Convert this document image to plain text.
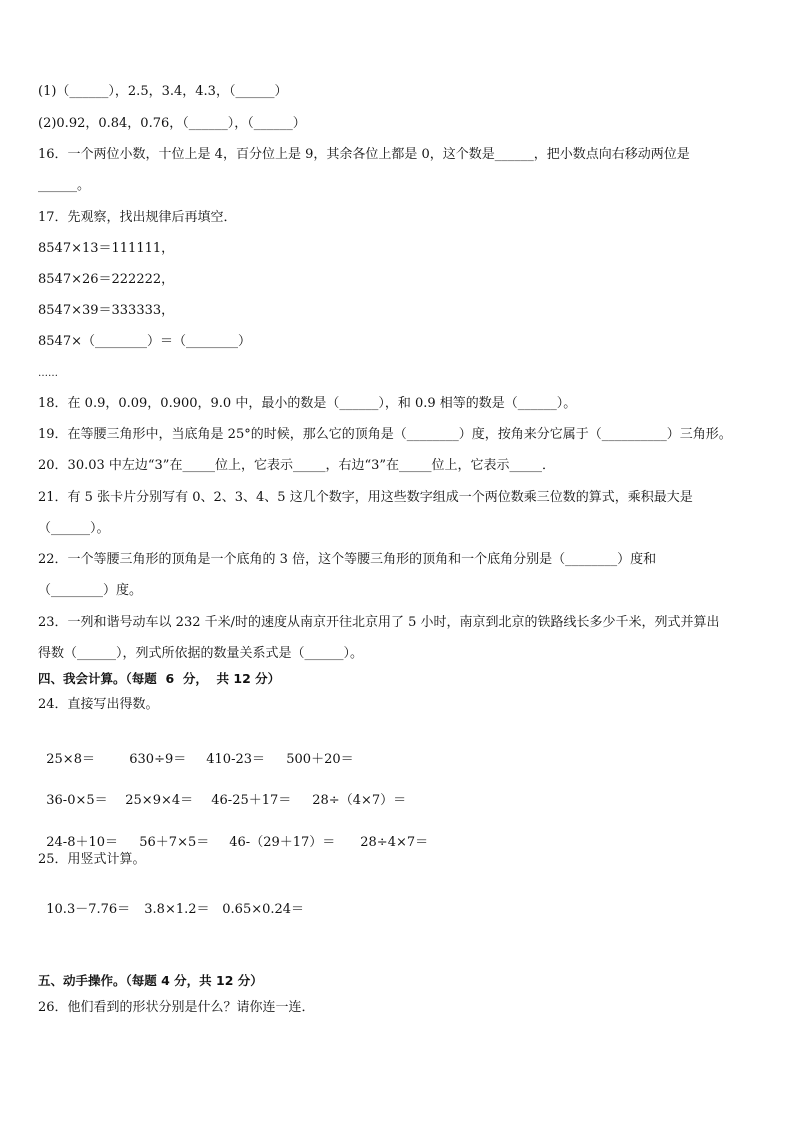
(1)（______），2.5，3.4，4.3，（______）
(2)0.92，0.84，0.76，（______），（______）
16．一个两位小数，十位上是 4，百分位上是 9，其余各位上都是 0，这个数是______，把小数点向右移动两位是
______。
17．先观察，找出规律后再填空．
8547×13＝111111，
8547×26＝222222，
8547×39＝333333，
8547×（________）＝（________）
……
18．在 0.9，0.09，0.900，9.0 中，最小的数是（______），和 0.9 相等的数是（______）。
19．在等腰三角形中，当底角是 25°的时候，那么它的顶角是（________）度，按角来分它属于（__________）三角形。
20．30.03 中左边“3”在_____位上，它表示_____，右边“3”在_____位上，它表示_____．
21．有 5 张卡片分别写有 0、2、3、4、5 这几个数字，用这些数字组成一个两位数乘三位数的算式，乘积最大是
（______）。
22．一个等腰三角形的顶角是一个底角的 3 倍，这个等腰三角形的顶角和一个底角分别是（________）度和
（________）度。
23．一列和谐号动车以 232 千米/时的速度从南京开往北京用了 5 小时，南京到北京的铁路线长多少千米，列式并算出
得数（______），列式所依据的数量关系式是（______）。
四、我会计算。（每题  6  分，  共 12 分）
24．直接写出得数。

25×8＝	630÷9＝ 410-23＝ 500＋20＝

36-0×5＝ 25×9×4＝ 46-25＋17＝ 28÷（4×7）＝

24-8＋10＝ 56＋7×5＝ 46-（29＋17）＝ 28÷4×7＝

25．用竖式计算。

10.3－7.76＝ 3.8×1.2＝ 0.65×0.24＝

五、动手操作。（每题 4 分，共 12 分）
26．他们看到的形状分别是什么？请你连一连．
